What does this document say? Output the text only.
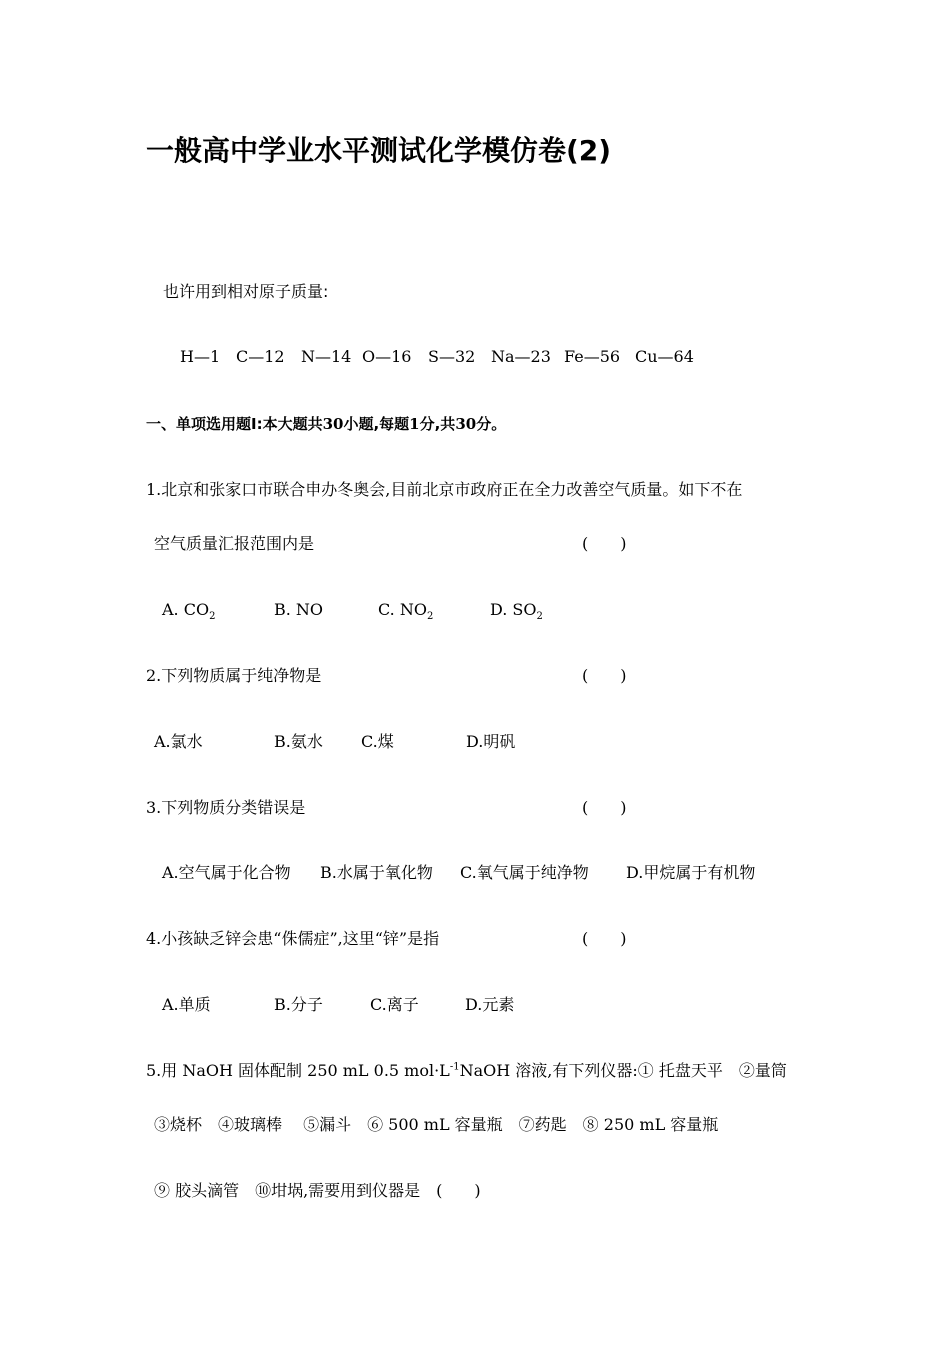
一般高中学业水平测试化学模仿卷(2)
也许用到相对原子质量:
H—1 C—12 N—14 O—16 S—32 Na—23 Fe—56 Cu—64
一、单项选用题Ⅰ:本大题共30小题,每题1分,共30分。
1.北京和张家口市联合申办冬奥会,目前北京市政府正在全力改善空气质量。如下不在
空气质量汇报范围内是	(　　)
A. $CO_2$	B. NO	C. $NO_2$	D. $SO_2$
2.下列物质属于纯净物是	(　　)
A.氯水	B.氨水 C.煤	D.明矾
3.下列物质分类错误是	(　　)
A.空气属于化合物 B.水属于氧化物 C.氧气属于纯净物 D.甲烷属于有机物
4.小孩缺乏锌会患“侏儒症”,这里“锌”是指	(　　)
A.单质	B.分子	C.离子	D.元素
5.用 NaOH 固体配制 250 mL 0.5 $mol\cdot L^{-1}NaOH$ 溶液,有下列仪器:① 托盘天平　②量筒
③烧杯　④玻璃棒　 ⑤漏斗　⑥ 500 mL 容量瓶　⑦药匙　⑧ 250 mL 容量瓶
⑨ 胶头滴管　⑩坩埚,需要用到仪器是　(　　)
